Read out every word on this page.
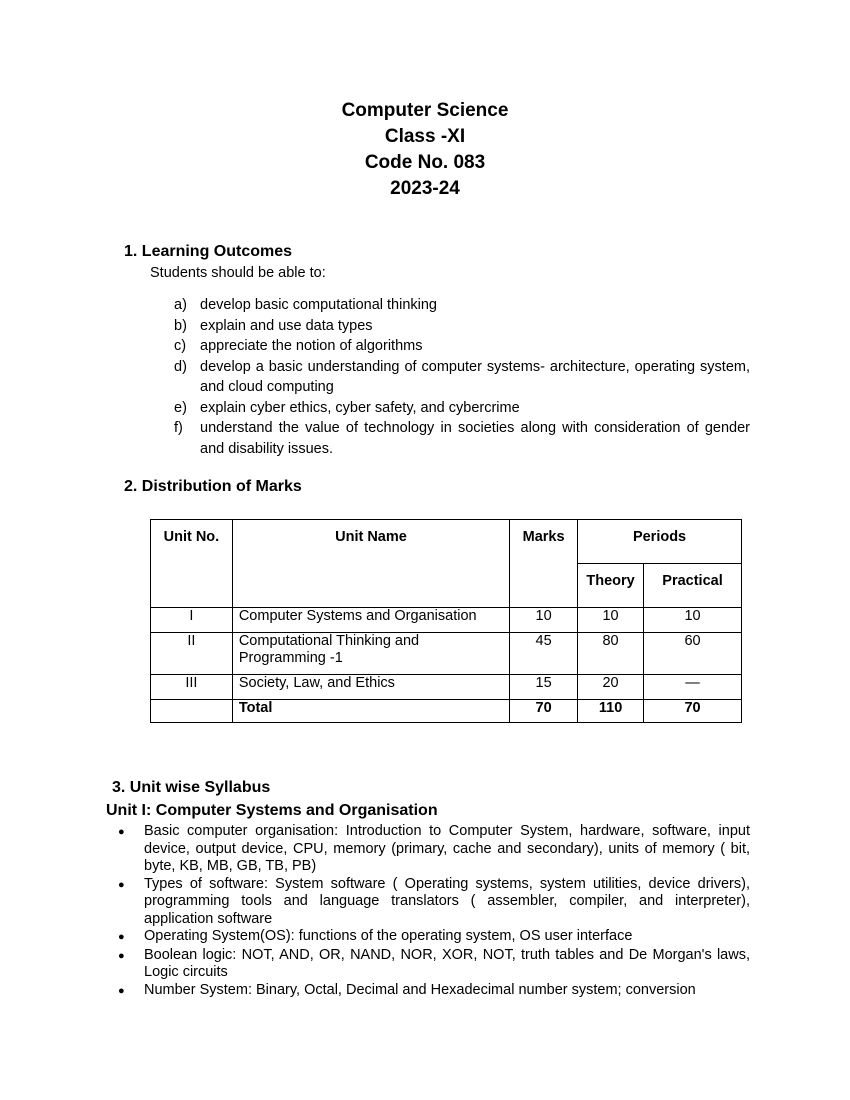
Computer Science
Class -XI
Code No. 083
2023-24
1. Learning Outcomes
Students should be able to:
a) develop basic computational thinking
b) explain and use data types
c) appreciate the notion of algorithms
d) develop a basic understanding of computer systems- architecture, operating system, and cloud computing
e) explain cyber ethics, cyber safety, and cybercrime
f)	understand the value of technology in societies along with consideration of gender and disability issues.
2. Distribution of Marks
Unit No.	Unit Name	Marks	Periods	
			Theory	Practical
I	Computer Systems and Organisation	10	10	10
II	Computational Thinking and Programming -1	45	80	60
III	Society, Law, and Ethics	15	20	—
	Total	70	110	70
3. Unit wise Syllabus
Unit I: Computer Systems and Organisation
●	Basic computer organisation: Introduction to Computer System, hardware, software, input device, output device, CPU, memory (primary, cache and secondary), units of memory ( bit, byte, KB, MB, GB, TB, PB)
●	Types of software: System software ( Operating systems, system utilities, device drivers), programming tools and language translators ( assembler, compiler, and interpreter), application software
●	Operating System(OS): functions of the operating system, OS user interface
●	Boolean logic: NOT, AND, OR, NAND, NOR, XOR, NOT, truth tables and De Morgan's laws, Logic circuits
●	Number System: Binary, Octal, Decimal and Hexadecimal number system; conversion
